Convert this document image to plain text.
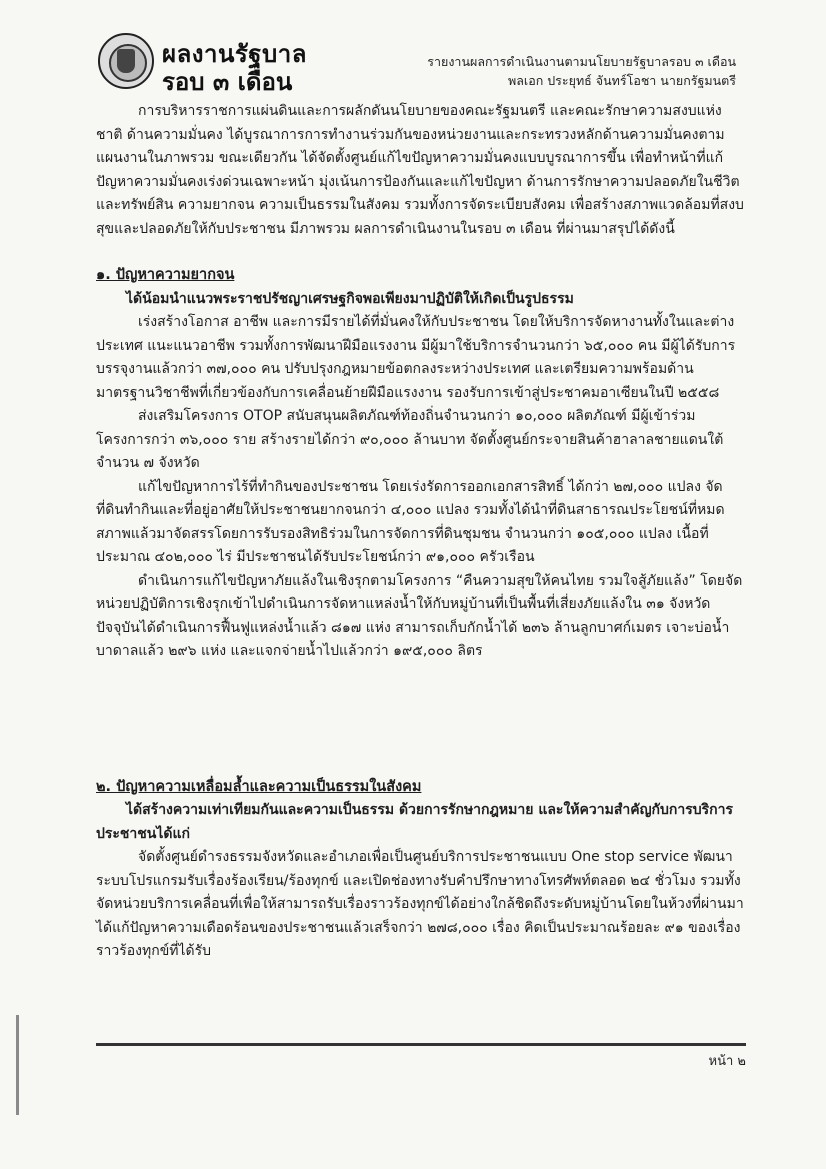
ผลงานรัฐบาล
รอบ ๓ เดือน
รายงานผลการดำเนินงานตามนโยบายรัฐบาลรอบ ๓ เดือน
พลเอก ประยุทธ์ จันทร์โอชา นายกรัฐมนตรี

การบริหารราชการแผ่นดินและการผลักดันนโยบายของคณะรัฐมนตรี และคณะรักษาความสงบแห่งชาติ ด้านความมั่นคง ได้บูรณาการการทำงานร่วมกันของหน่วยงานและกระทรวงหลักด้านความมั่นคงตามแผนงานในภาพรวม ขณะเดียวกัน ได้จัดตั้งศูนย์แก้ไขปัญหาความมั่นคงแบบบูรณาการขึ้น เพื่อทำหน้าที่แก้ปัญหาความมั่นคงเร่งด่วนเฉพาะหน้า มุ่งเน้นการป้องกันและแก้ไขปัญหา ด้านการรักษาความปลอดภัยในชีวิตและทรัพย์สิน ความยากจน ความเป็นธรรมในสังคม รวมทั้งการจัดระเบียบสังคม เพื่อสร้างสภาพแวดล้อมที่สงบสุขและปลอดภัยให้กับประชาชน มีภาพรวม ผลการดำเนินงานในรอบ ๓ เดือน ที่ผ่านมาสรุปได้ดังนี้

๑. ปัญหาความยากจน

ได้น้อมนำแนวพระราชปรัชญาเศรษฐกิจพอเพียงมาปฏิบัติให้เกิดเป็นรูปธรรม

เร่งสร้างโอกาส อาชีพ และการมีรายได้ที่มั่นคงให้กับประชาชน โดยให้บริการจัดหางานทั้งในและต่างประเทศ แนะแนวอาชีพ รวมทั้งการพัฒนาฝีมือแรงงาน มีผู้มาใช้บริการจำนวนกว่า ๖๕,๐๐๐ คน มีผู้ได้รับการบรรจุงานแล้วกว่า ๓๗,๐๐๐ คน ปรับปรุงกฎหมายข้อตกลงระหว่างประเทศ และเตรียมความพร้อมด้านมาตรฐานวิชาชีพที่เกี่ยวข้องกับการเคลื่อนย้ายฝีมือแรงงาน รองรับการเข้าสู่ประชาคมอาเซียนในปี ๒๕๕๘

ส่งเสริมโครงการ OTOP สนับสนุนผลิตภัณฑ์ท้องถิ่นจำนวนกว่า ๑๐,๐๐๐ ผลิตภัณฑ์ มีผู้เข้าร่วมโครงการกว่า ๓๖,๐๐๐ ราย สร้างรายได้กว่า ๙๐,๐๐๐ ล้านบาท จัดตั้งศูนย์กระจายสินค้าฮาลาลชายแดนใต้ จำนวน ๗ จังหวัด

แก้ไขปัญหาการไร้ที่ทำกินของประชาชน โดยเร่งรัดการออกเอกสารสิทธิ์ ได้กว่า ๒๗,๐๐๐ แปลง จัดที่ดินทำกินและที่อยู่อาศัยให้ประชาชนยากจนกว่า ๔,๐๐๐ แปลง รวมทั้งได้นำที่ดินสาธารณประโยชน์ที่หมดสภาพแล้วมาจัดสรรโดยการรับรองสิทธิร่วมในการจัดการที่ดินชุมชน จำนวนกว่า ๑๐๕,๐๐๐ แปลง เนื้อที่ประมาณ ๔๐๒,๐๐๐ ไร่ มีประชาชนได้รับประโยชน์กว่า ๙๑,๐๐๐ ครัวเรือน

ดำเนินการแก้ไขปัญหาภัยแล้งในเชิงรุกตามโครงการ “คืนความสุขให้คนไทย รวมใจสู้ภัยแล้ง” โดยจัดหน่วยปฏิบัติการเชิงรุกเข้าไปดำเนินการจัดหาแหล่งน้ำให้กับหมู่บ้านที่เป็นพื้นที่เสี่ยงภัยแล้งใน ๓๑ จังหวัด ปัจจุบันได้ดำเนินการฟื้นฟูแหล่งน้ำแล้ว ๘๑๗ แห่ง สามารถเก็บกักน้ำได้ ๒๓๖ ล้านลูกบาศก์เมตร เจาะบ่อน้ำบาดาลแล้ว ๒๙๖ แห่ง และแจกจ่ายน้ำไปแล้วกว่า ๑๙๕,๐๐๐ ลิตร

๒. ปัญหาความเหลื่อมล้ำและความเป็นธรรมในสังคม

ได้สร้างความเท่าเทียมกันและความเป็นธรรม ด้วยการรักษากฎหมาย และให้ความสำคัญกับการบริการประชาชนได้แก่

จัดตั้งศูนย์ดำรงธรรมจังหวัดและอำเภอเพื่อเป็นศูนย์บริการประชาชนแบบ One stop service พัฒนาระบบโปรแกรมรับเรื่องร้องเรียน/ร้องทุกข์ และเปิดช่องทางรับคำปรึกษาทางโทรศัพท์ตลอด ๒๔ ชั่วโมง รวมทั้งจัดหน่วยบริการเคลื่อนที่เพื่อให้สามารถรับเรื่องราวร้องทุกข์ได้อย่างใกล้ชิดถึงระดับหมู่บ้านโดยในห้วงที่ผ่านมาได้แก้ปัญหาความเดือดร้อนของประชาชนแล้วเสร็จกว่า ๒๗๘,๐๐๐ เรื่อง คิดเป็นประมาณร้อยละ ๙๑ ของเรื่องราวร้องทุกข์ที่ได้รับ

หน้า ๒
